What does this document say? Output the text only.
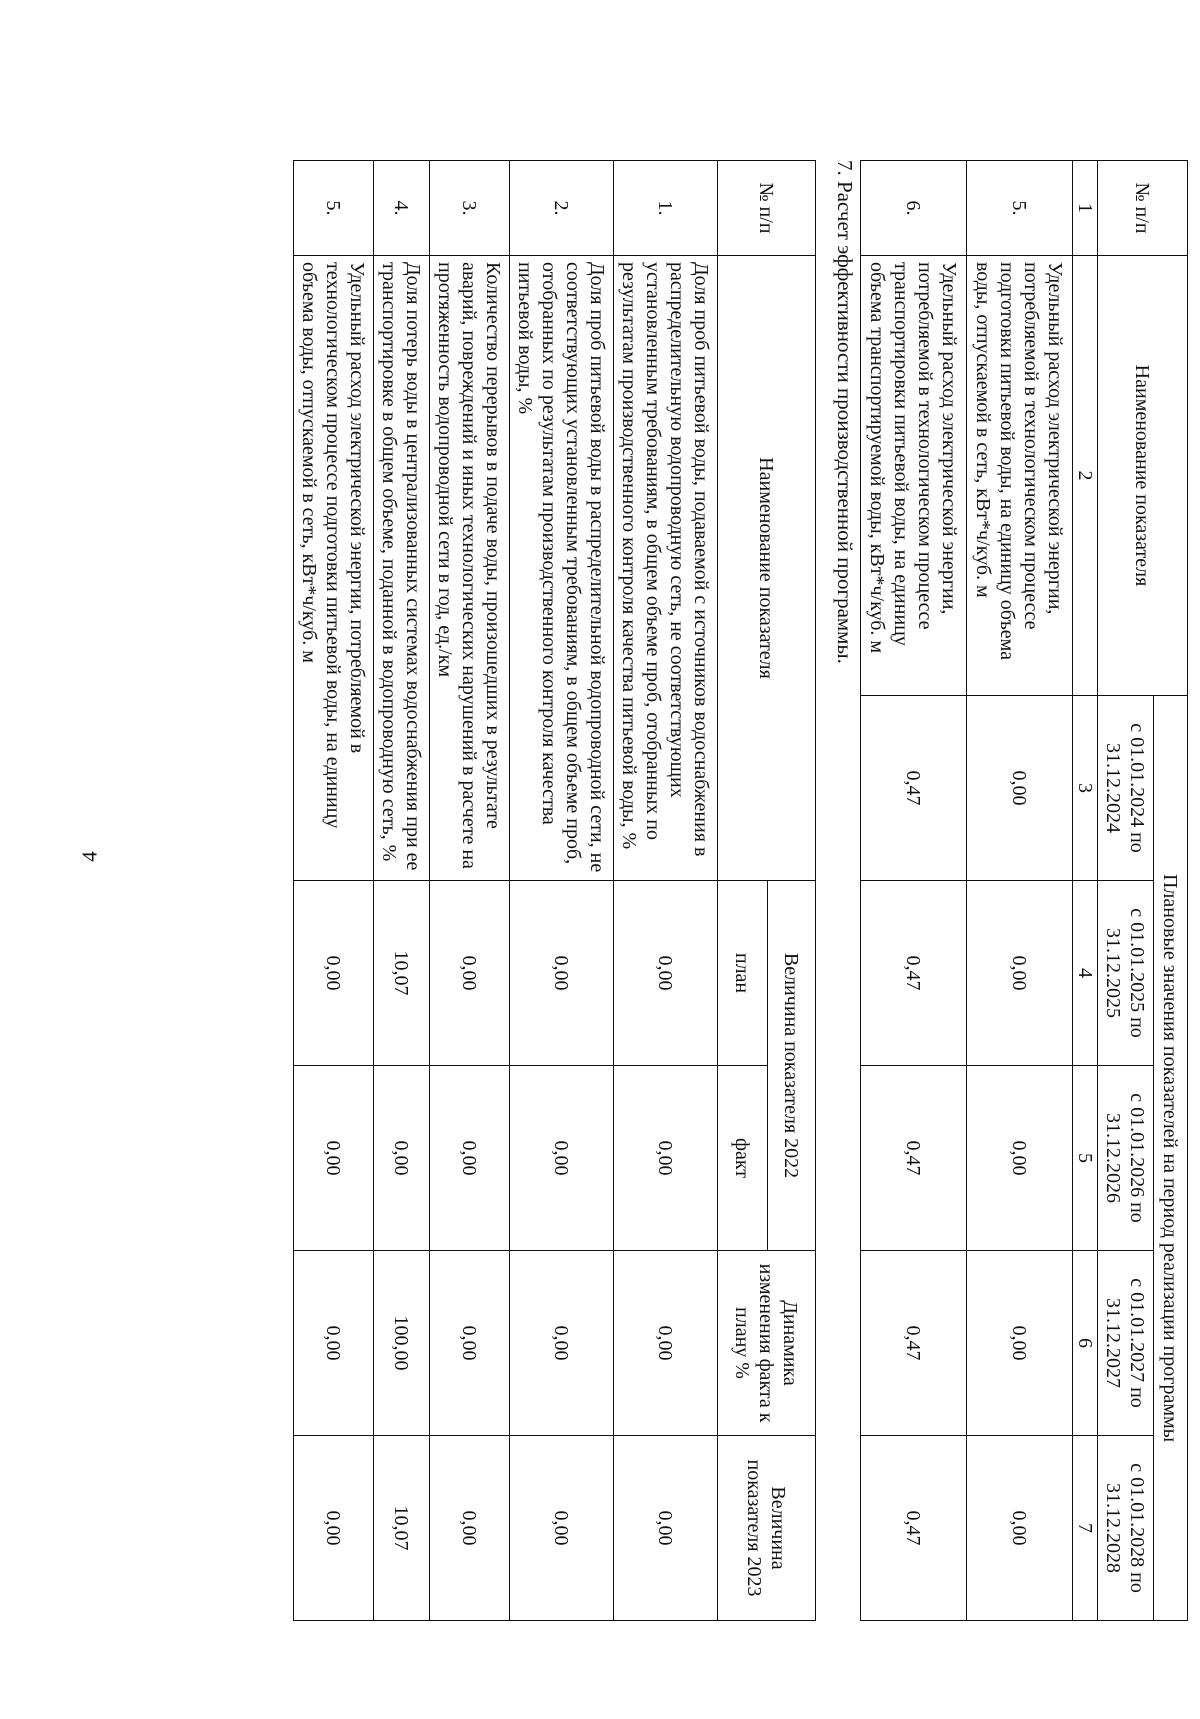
4
№ п/п	Наименование показателя	Плановые значения показателей на период реализации программы				
		с 01.01.2024 по 31.12.2024	с 01.01.2025 по 31.12.2025	с 01.01.2026 по 31.12.2026	с 01.01.2027 по 31.12.2027	с 01.01.2028 по 31.12.2028
1	2	3	4	5	6	7
5.	Удельный расход электрической энергии, потребляемой в технологическом процессе подготовки питьевой воды, на единицу объема воды, отпускаемой в сеть, кВт*ч/куб. м	0,00	0,00	0,00	0,00	0,00
6.	Удельный расход электрической энергии, потребляемой в технологическом процессе транспортировки питьевой воды, на единицу объема транспортируемой воды, кВт*ч/куб. м	0,47	0,47	0,47	0,47	0,47
7. Расчет эффективности производственной программы.
№ п/п	Наименование показателя	Величина показателя 2022		Динамика изменения факта к плану %	Величина показателя 2023
		план	факт		
1.	Доля проб питьевой воды, подаваемой с источников водоснабжения в распределительную водопроводную сеть, не соответствующих установленным требованиям, в общем объеме проб, отобранных по результатам производственного контроля качества питьевой воды, %	0,00	0,00	0,00	0,00
2.	Доля проб питьевой воды в распределительной водопроводной сети, не соответствующих установленным требованиям, в общем объеме проб, отобранных по результатам производственного контроля качества питьевой воды, %	0,00	0,00	0,00	0,00
3.	Количество перерывов в подаче воды, произошедших в результате аварий, повреждений и иных технологических нарушений в расчете на протяженность водопроводной сети в год, ед./км	0,00	0,00	0,00	0,00
4.	Доля потерь воды в централизованных системах водоснабжения при ее транспортировке в общем объеме, поданной в водопроводную сеть, %	10,07	0,00	100,00	10,07
5.	Удельный расход электрической энергии, потребляемой в технологическом процессе подготовки питьевой воды, на единицу объема воды, отпускаемой в сеть, кВт*ч/куб. м	0,00	0,00	0,00	0,00
